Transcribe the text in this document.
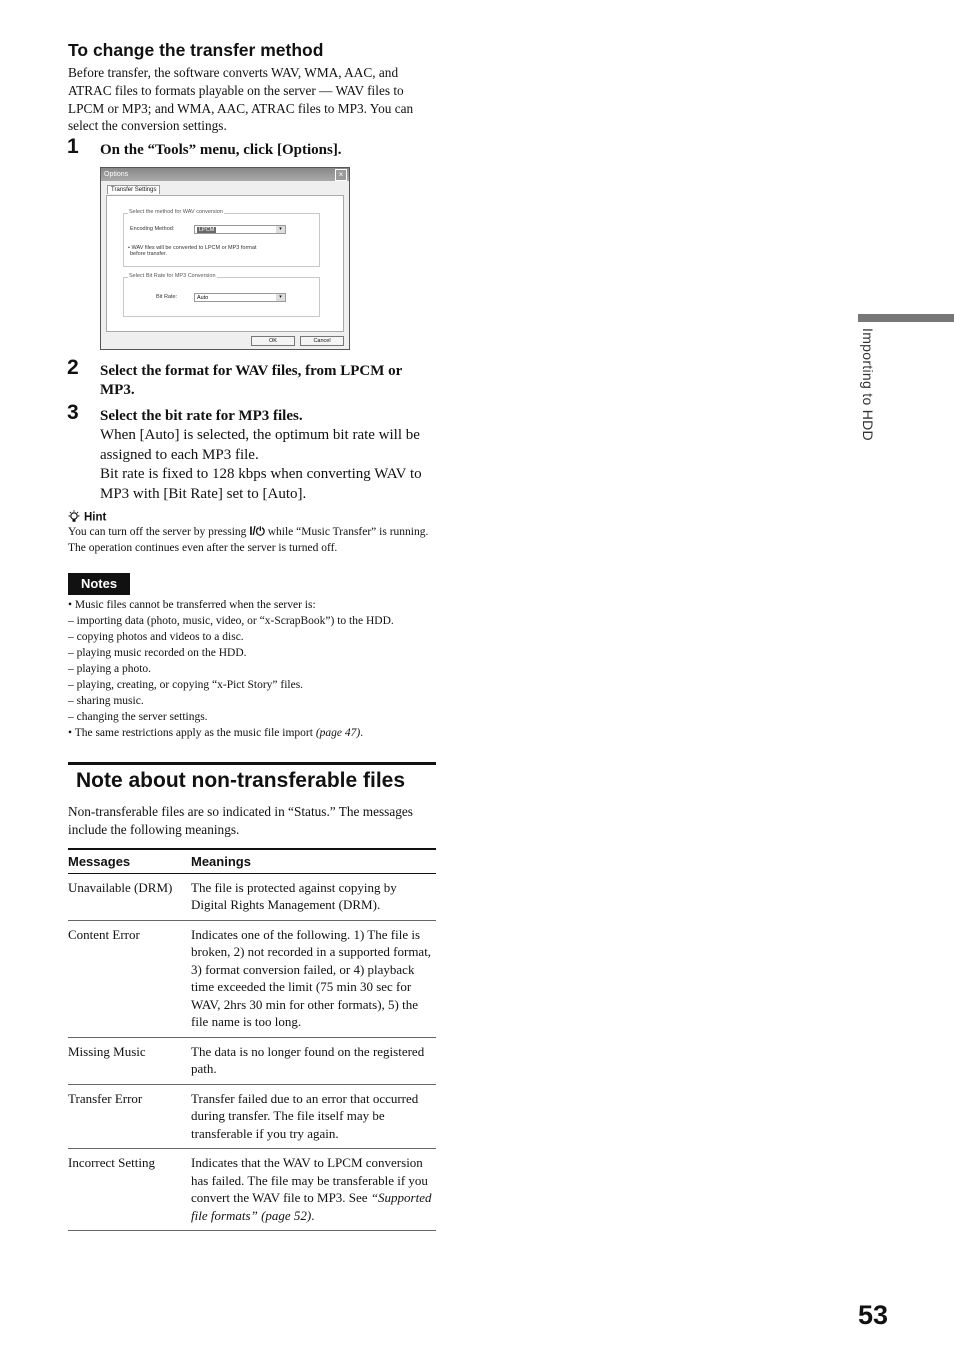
To change the transfer method
Before transfer, the software converts WAV, WMA, AAC, and ATRAC files to formats playable on the server — WAV files to LPCM or MP3; and WMA, AAC, ATRAC files to MP3. You can select the conversion settings.
1 On the “Tools” menu, click [Options].
Options	×
Transfer Settings
Select the method for WAV conversion
Encoding Method:	LPCM	▾
• WAV files will be converted to LPCM or MP3 format
before transfer.
Select Bit Rate for MP3 Conversion
Bit Rate:	Auto	▾
OK	Cancel
2 Select the format for WAV files, from LPCM or MP3.
3 Select the bit rate for MP3 files.
When [Auto] is selected, the optimum bit rate will be assigned to each MP3 file.
Bit rate is fixed to 128 kbps when converting WAV to MP3 with [Bit Rate] set to [Auto].
Hint
You can turn off the server by pressing I/⏻ while “Music Transfer” is running. The operation continues even after the server is turned off.
Notes
• Music files cannot be transferred when the server is:
– importing data (photo, music, video, or “x-ScrapBook”) to the HDD.
– copying photos and videos to a disc.
– playing music recorded on the HDD.
– playing a photo.
– playing, creating, or copying “x-Pict Story” files.
– sharing music.
– changing the server settings.
• The same restrictions apply as the music file import (page 47).
Note about non-transferable files
Non-transferable files are so indicated in “Status.” The messages include the following meanings.
Messages	Meanings
Unavailable (DRM)	The file is protected against copying by Digital Rights Management (DRM).
Content Error	Indicates one of the following. 1) The file is broken, 2) not recorded in a supported format, 3) format conversion failed, or 4) playback time exceeded the limit (75 min 30 sec for WAV, 2hrs 30 min for other formats), 5) the file name is too long.
Missing Music	The data is no longer found on the registered path.
Transfer Error	Transfer failed due to an error that occurred during transfer. The file itself may be transferable if you try again.
Incorrect Setting	Indicates that the WAV to LPCM conversion has failed. The file may be transferable if you convert the WAV file to MP3. See “Supported file formats” (page 52).
Importing to HDD
53
